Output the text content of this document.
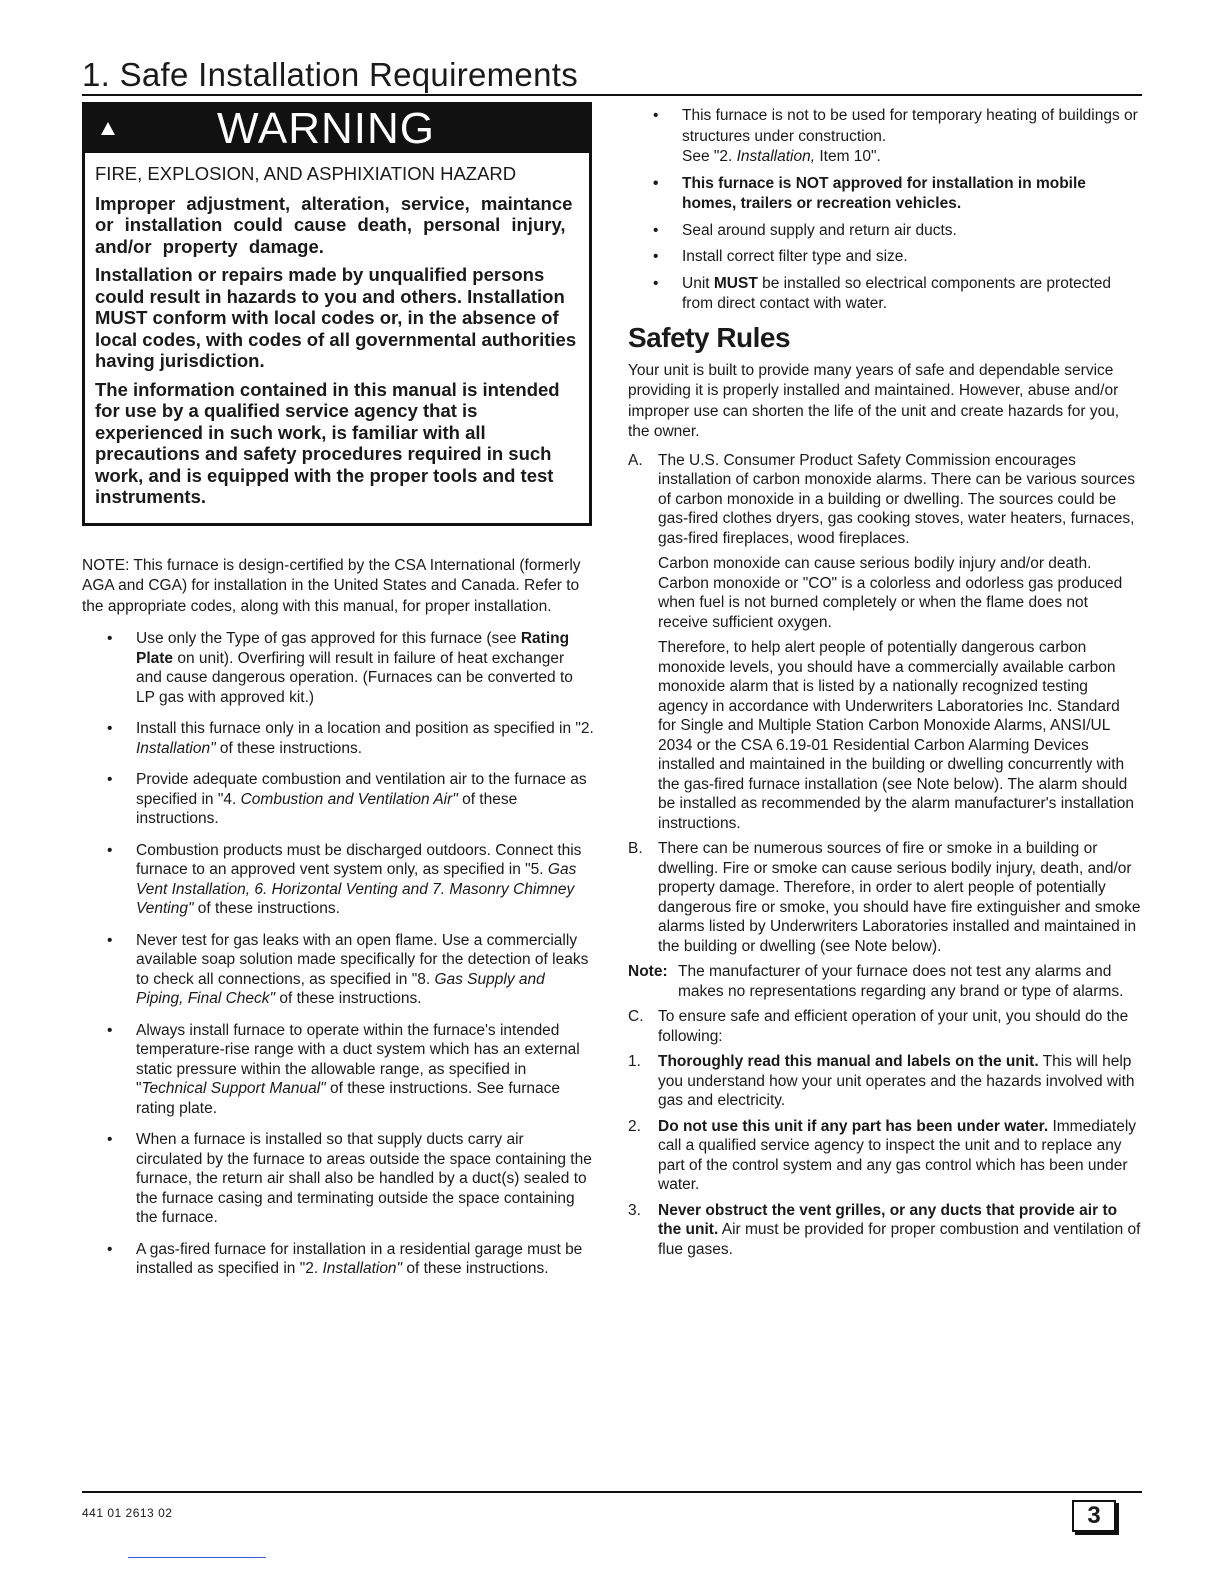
1. Safe Installation Requirements
WARNING

FIRE, EXPLOSION, AND ASPHIXIATION HAZARD

Improper adjustment, alteration, service, maintance or installation could cause death, personal injury, and/or property damage.

Installation or repairs made by unqualified persons could result in hazards to you and others. Installation MUST conform with local codes or, in the absence of local codes, with codes of all governmental authorities having jurisdiction.

The information contained in this manual is intended for use by a qualified service agency that is experienced in such work, is familiar with all precautions and safety procedures required in such work, and is equipped with the proper tools and test instruments.

NOTE: This furnace is design-certified by the CSA International (formerly AGA and CGA) for installation in the United States and Canada. Refer to the appropriate codes, along with this manual, for proper installation.

• Use only the Type of gas approved for this furnace (see Rating Plate on unit). Overfiring will result in failure of heat exchanger and cause dangerous operation. (Furnaces can be converted to LP gas with approved kit.)
• Install this furnace only in a location and position as specified in "2. Installation" of these instructions.
• Provide adequate combustion and ventilation air to the furnace as specified in "4. Combustion and Ventilation Air" of these instructions.
• Combustion products must be discharged outdoors. Connect this furnace to an approved vent system only, as specified in "5. Gas Vent Installation, 6. Horizontal Venting and 7. Masonry Chimney Venting" of these instructions.
• Never test for gas leaks with an open flame. Use a commercially available soap solution made specifically for the detection of leaks to check all connections, as specified in "8. Gas Supply and Piping, Final Check" of these instructions.
• Always install furnace to operate within the furnace's intended temperature-rise range with a duct system which has an external static pressure within the allowable range, as specified in "Technical Support Manual" of these instructions. See furnace rating plate.
• When a furnace is installed so that supply ducts carry air circulated by the furnace to areas outside the space containing the furnace, the return air shall also be handled by a duct(s) sealed to the furnace casing and terminating outside the space containing the furnace.
• A gas-fired furnace for installation in a residential garage must be installed as specified in "2. Installation" of these instructions.
• This furnace is not to be used for temporary heating of buildings or structures under construction.
See "2. Installation, Item 10".
• This furnace is NOT approved for installation in mobile homes, trailers or recreation vehicles.
• Seal around supply and return air ducts.
• Install correct filter type and size.
• Unit MUST be installed so electrical components are protected from direct contact with water.
Safety Rules

Your unit is built to provide many years of safe and dependable service providing it is properly installed and maintained. However, abuse and/or improper use can shorten the life of the unit and create hazards for you, the owner.

A. The U.S. Consumer Product Safety Commission encourages installation of carbon monoxide alarms. There can be various sources of carbon monoxide in a building or dwelling. The sources could be gas-fired clothes dryers, gas cooking stoves, water heaters, furnaces, gas-fired fireplaces, wood fireplaces.

Carbon monoxide can cause serious bodily injury and/or death. Carbon monoxide or "CO" is a colorless and odorless gas produced when fuel is not burned completely or when the flame does not receive sufficient oxygen.

Therefore, to help alert people of potentially dangerous carbon monoxide levels, you should have a commercially available carbon monoxide alarm that is listed by a nationally recognized testing agency in accordance with Underwriters Laboratories Inc. Standard for Single and Multiple Station Carbon Monoxide Alarms, ANSI/UL 2034 or the CSA 6.19-01 Residential Carbon Alarming Devices installed and maintained in the building or dwelling concurrently with the gas-fired furnace installation (see Note below). The alarm should be installed as recommended by the alarm manufacturer's installation instructions.

B. There can be numerous sources of fire or smoke in a building or dwelling. Fire or smoke can cause serious bodily injury, death, and/or property damage. Therefore, in order to alert people of potentially dangerous fire or smoke, you should have fire extinguisher and smoke alarms listed by Underwriters Laboratories installed and maintained in the building or dwelling (see Note below).

Note: The manufacturer of your furnace does not test any alarms and makes no representations regarding any brand or type of alarms.
C. To ensure safe and efficient operation of your unit, you should do the following:

1. Thoroughly read this manual and labels on the unit. This will help you understand how your unit operates and the hazards involved with gas and electricity.

2. Do not use this unit if any part has been under water. Immediately call a qualified service agency to inspect the unit and to replace any part of the control system and any gas control which has been under water.

3. Never obstruct the vent grilles, or any ducts that provide air to the unit. Air must be provided for proper combustion and ventilation of flue gases.

441 01 2613 02	3
